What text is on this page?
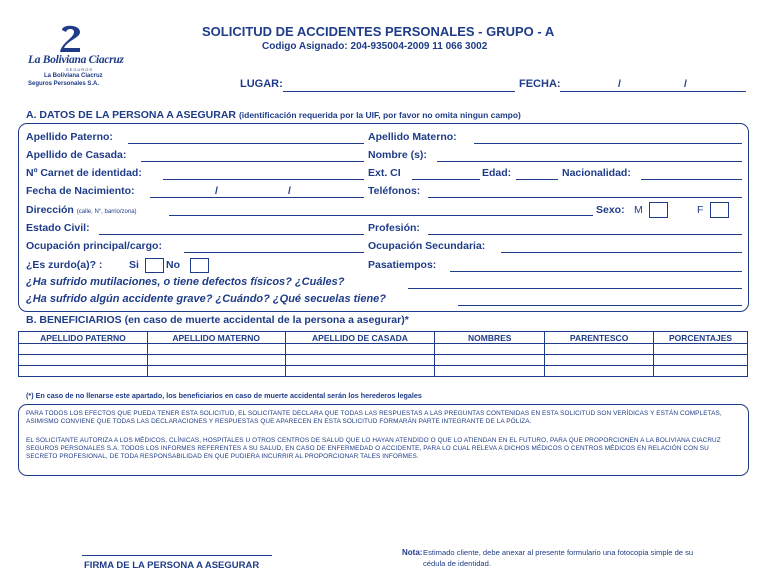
La Boliviana Ciacruz
SEGUROS
La Boliviana Ciacruz
Seguros Personales S.A.
SOLICITUD DE ACCIDENTES PERSONALES - GRUPO - A
Codigo Asignado: 204-935004-2009 11 066 3002
LUGAR:	FECHA:	/	/
A. DATOS DE LA PERSONA A ASEGURAR (identificación requerida por la UIF, por favor no omita ningun campo)
Apellido Paterno:	Apellido Materno:
Apellido de Casada:	Nombre (s):
Nº Carnet de identidad:	Ext. CI	Edad:	Nacionalidad:
Fecha de Nacimiento:	/	/	Teléfonos:
Dirección (calle, N°, barrio/zona)	Sexo: M	F
Estado Civil:	Profesión:
Ocupación principal/cargo:	Ocupación Secundaria:
¿Es zurdo(a)? :	Si	No	Pasatiempos:
¿Ha sufrido mutilaciones, o tiene defectos físicos? ¿Cuáles?
¿Ha sufrido algún accidente grave? ¿Cuándo? ¿Qué secuelas tiene?
B. BENEFICIARIOS (en caso de muerte accidental de la persona a asegurar)*
APELLIDO PATERNO	APELLIDO MATERNO	APELLIDO DE CASADA	NOMBRES	PARENTESCO	PORCENTAJES

(*) En caso de no llenarse este apartado, los beneficiarios en caso de muerte accidental serán los herederos legales
PARA TODOS LOS EFECTOS QUE PUEDA TENER ESTA SOLICITUD, EL SOLICITANTE DECLARA QUE TODAS LAS RESPUESTAS A LAS PREGUNTAS CONTENIDAS EN ESTA SOLICITUD SON VERÍDICAS Y ESTÁN COMPLETAS, ASIMISMO CONVIENE QUE TODAS LAS DECLARACIONES Y RESPUESTAS QUE APARECEN EN ESTA SOLICITUD FORMARÁN PARTE INTEGRANTE DE LA PÓLIZA.
EL SOLICITANTE AUTORIZA A LOS MÉDICOS, CLÍNICAS, HOSPITALES U OTROS CENTROS DE SALUD QUE LO HAYAN ATENDIDO O QUE LO ATIENDAN EN EL FUTURO, PARA QUE PROPORCIONEN A LA BOLIVIANA CIACRUZ SEGUROS PERSONALES S.A. TODOS LOS INFORMES REFERENTES A SU SALUD, EN CASO DE ENFERMEDAD O ACCIDENTE, PARA LO CUAL RELEVA A DICHOS MÉDICOS O CENTROS MÉDICOS EN RELACIÓN CON SU SECRETO PROFESIONAL, DE TODA RESPONSABILIDAD EN QUE PUDIERA INCURRIR AL PROPORCIONAR TALES INFORMES.
FIRMA DE LA PERSONA A ASEGURAR
Nota: Estimado cliente, debe anexar al presente formulario una fotocopia simple de su
cédula de identidad.
